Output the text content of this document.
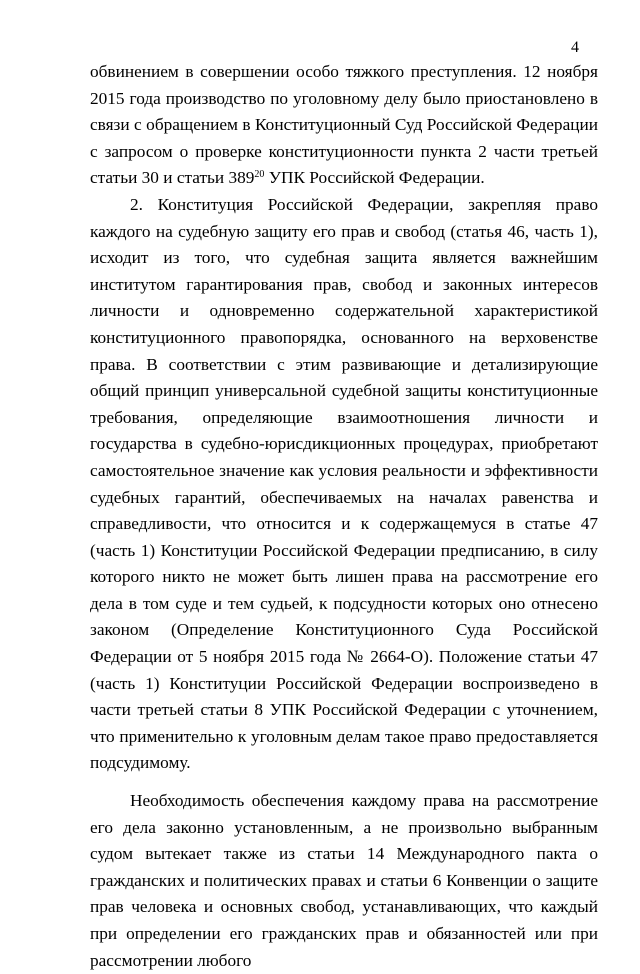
4

обвинением в совершении особо тяжкого преступления. 12 ноября 2015 года производство по уголовному делу было приостановлено в связи с обращением в Конституционный Суд Российской Федерации с запросом о проверке конституционности пункта 2 части третьей статьи 30 и статьи $389^{20}$ УПК Российской Федерации.

2. Конституция Российской Федерации, закрепляя право каждого на судебную защиту его прав и свобод (статья 46, часть 1), исходит из того, что судебная защита является важнейшим институтом гарантирования прав, свобод и законных интересов личности и одновременно содержательной характеристикой конституционного правопорядка, основанного на верховенстве права. В соответствии с этим развивающие и детализирующие общий принцип универсальной судебной защиты конституционные требования, определяющие взаимоотношения личности и государства в судебно-юрисдикционных процедурах, приобретают самостоятельное значение как условия реальности и эффективности судебных гарантий, обеспечиваемых на началах равенства и справедливости, что относится и к содержащемуся в статье 47 (часть 1) Конституции Российской Федерации предписанию, в силу которого никто не может быть лишен права на рассмотрение его дела в том суде и тем судьей, к подсудности которых оно отнесено законом (Определение Конституционного Суда Российской Федерации от 5 ноября 2015 года № 2664-О). Положение статьи 47 (часть 1) Конституции Российской Федерации воспроизведено в части третьей статьи 8 УПК Российской Федерации с уточнением, что применительно к уголовным делам такое право предоставляется подсудимому.

Необходимость обеспечения каждому права на рассмотрение его дела законно установленным, а не произвольно выбранным судом вытекает также из статьи 14 Международного пакта о гражданских и политических правах и статьи 6 Конвенции о защите прав человека и основных свобод, устанавливающих, что каждый при определении его гражданских прав и обязанностей или при рассмотрении любого
